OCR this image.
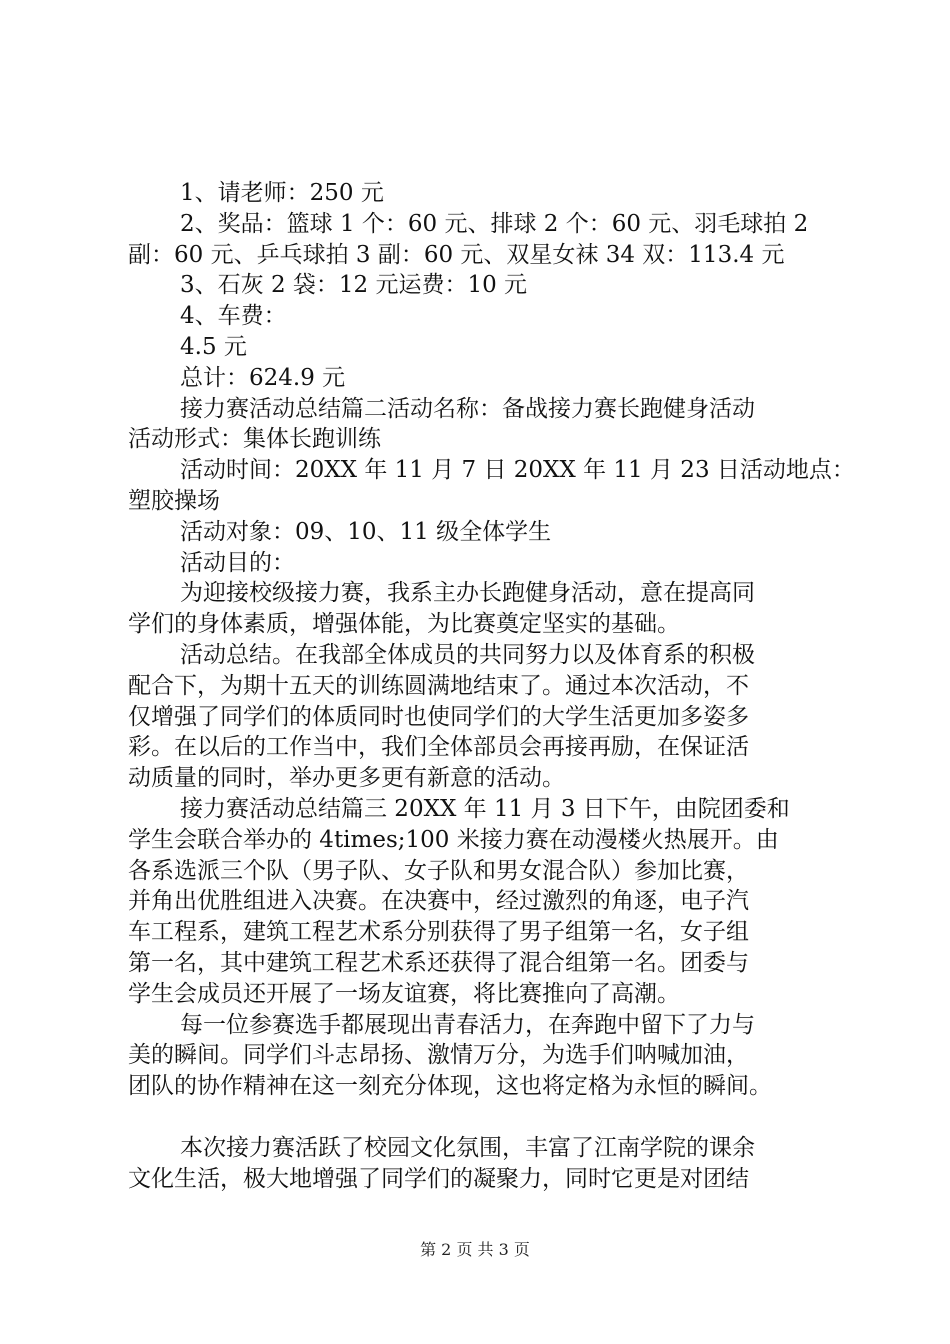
1、请老师：250 元
2、奖品：篮球 1 个：60 元、排球 2 个：60 元、羽毛球拍 2
副：60 元、乒乓球拍 3 副：60 元、双星女袜 34 双：113.4 元
3、石灰 2 袋：12 元运费：10 元
4、车费：
4.5 元
总计：624.9 元
接力赛活动总结篇二活动名称：备战接力赛长跑健身活动
活动形式：集体长跑训练
活动时间：20XX 年 11 月 7 日 20XX 年 11 月 23 日活动地点：
塑胶操场
活动对象：09、10、11 级全体学生
活动目的：
为迎接校级接力赛，我系主办长跑健身活动，意在提高同
学们的身体素质，增强体能，为比赛奠定坚实的基础。
活动总结。在我部全体成员的共同努力以及体育系的积极
配合下，为期十五天的训练圆满地结束了。通过本次活动，不
仅增强了同学们的体质同时也使同学们的大学生活更加多姿多
彩。在以后的工作当中，我们全体部员会再接再励，在保证活
动质量的同时，举办更多更有新意的活动。
接力赛活动总结篇三 20XX 年 11 月 3 日下午，由院团委和
学生会联合举办的 4times;100 米接力赛在动漫楼火热展开。由
各系选派三个队（男子队、女子队和男女混合队）参加比赛，
并角出优胜组进入决赛。在决赛中，经过激烈的角逐，电子汽
车工程系，建筑工程艺术系分别获得了男子组第一名，女子组
第一名，其中建筑工程艺术系还获得了混合组第一名。团委与
学生会成员还开展了一场友谊赛，将比赛推向了高潮。
每一位参赛选手都展现出青春活力，在奔跑中留下了力与
美的瞬间。同学们斗志昂扬、激情万分，为选手们呐喊加油，
团队的协作精神在这一刻充分体现，这也将定格为永恒的瞬间。
本次接力赛活跃了校园文化氛围，丰富了江南学院的课余
文化生活，极大地增强了同学们的凝聚力，同时它更是对团结
第 2 页 共 3 页
